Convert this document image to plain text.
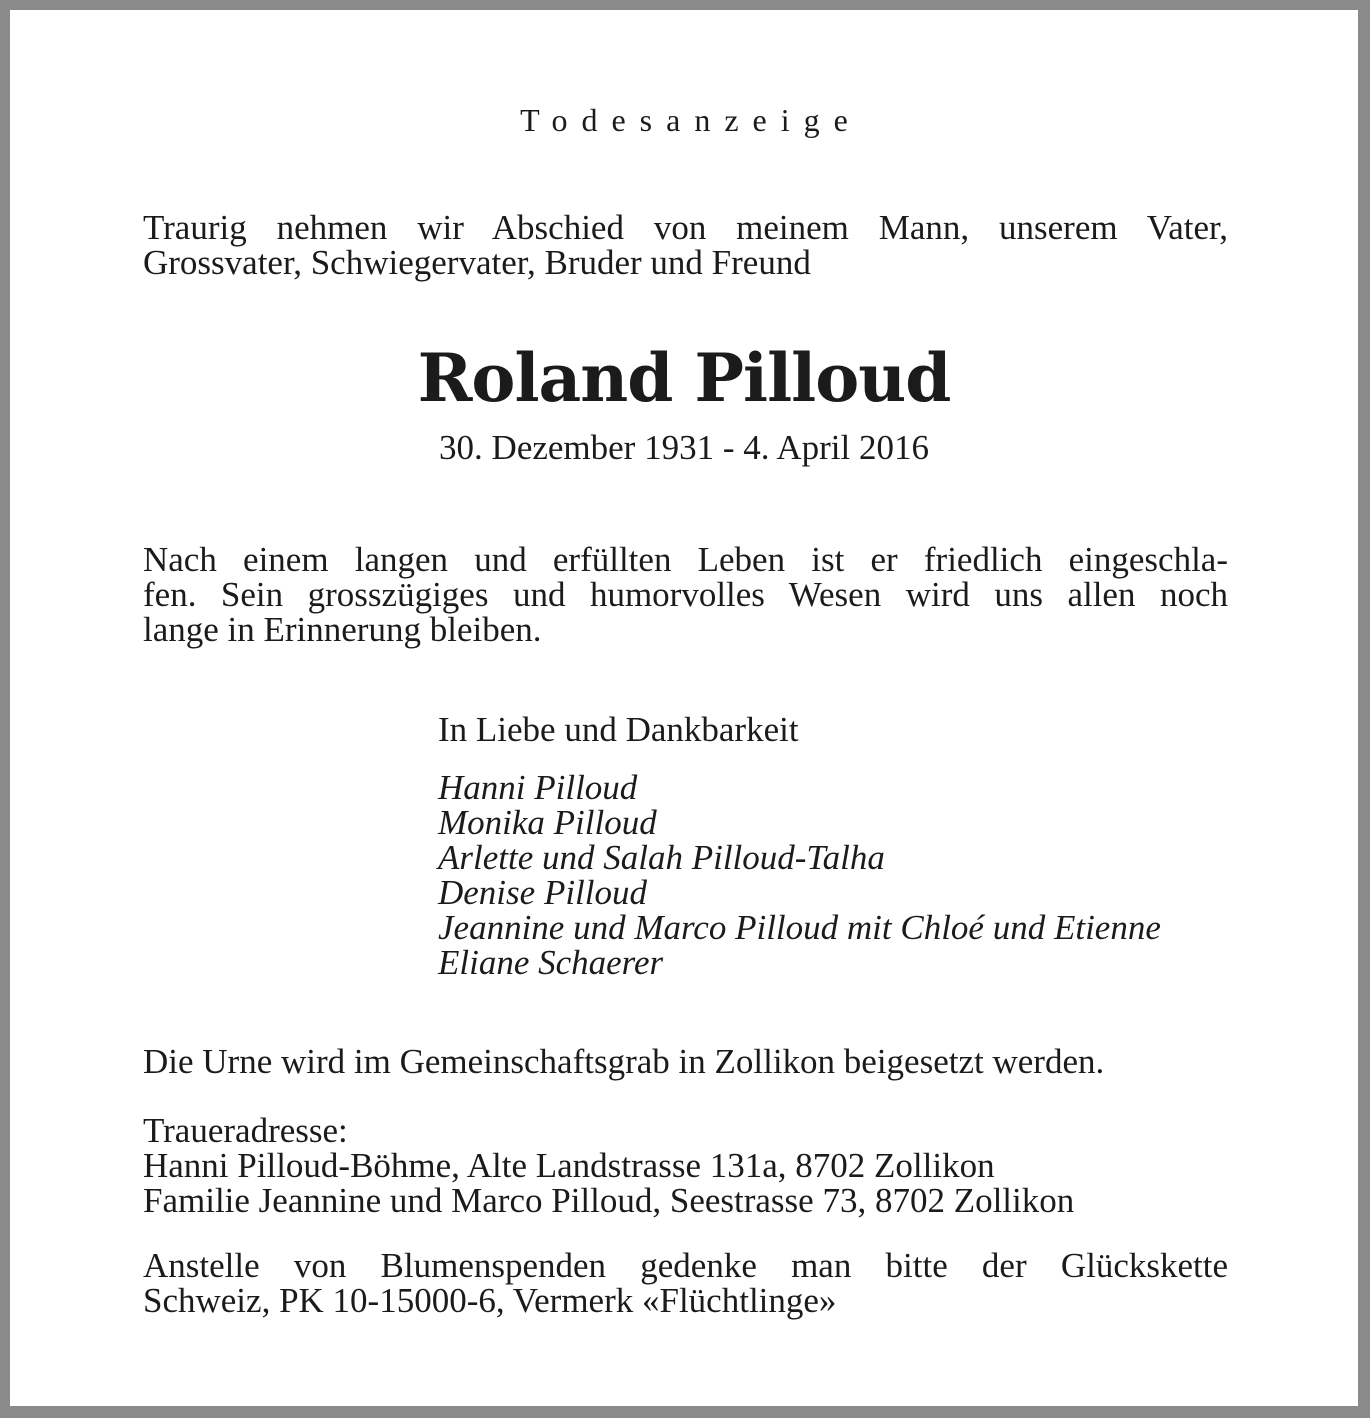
Todesanzeige
Traurig nehmen wir Abschied von meinem Mann, unserem Vater,
Grossvater, Schwiegervater, Bruder und Freund
Roland Pilloud
30. Dezember 1931 - 4. April 2016
Nach einem langen und erfüllten Leben ist er friedlich eingeschla-
fen. Sein grosszügiges und humorvolles Wesen wird uns allen noch
lange in Erinnerung bleiben.
In Liebe und Dankbarkeit
Hanni Pilloud
Monika Pilloud
Arlette und Salah Pilloud-Talha
Denise Pilloud
Jeannine und Marco Pilloud mit Chloé und Etienne
Eliane Schaerer
Die Urne wird im Gemeinschaftsgrab in Zollikon beigesetzt werden.
Traueradresse:
Hanni Pilloud-Böhme, Alte Landstrasse 131a, 8702 Zollikon
Familie Jeannine und Marco Pilloud, Seestrasse 73, 8702 Zollikon
Anstelle von Blumenspenden gedenke man bitte der Glückskette
Schweiz, PK 10-15000-6, Vermerk «Flüchtlinge»
